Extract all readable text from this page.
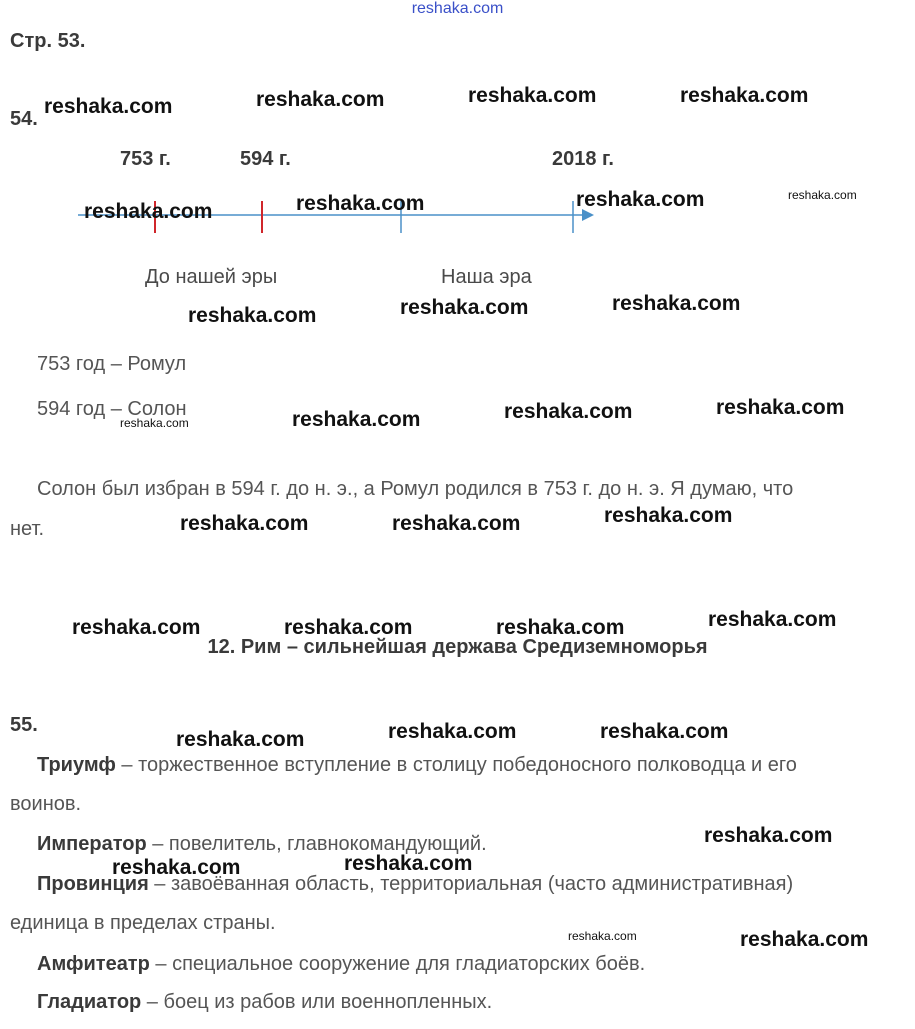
reshaka.com
Стр. 53.
54.
753 г.	594 г.	2018 г.
До нашей эры	Наша эра
753 год – Ромул
594 год – Солон
Солон был избран в 594 г. до н. э., а Ромул родился в 753 г. до н. э. Я думаю, что
нет.
12. Рим – сильнейшая держава Средиземноморья
55.
Триумф – торжественное вступление в столицу победоносного полководца и его
воинов.
Император – повелитель, главнокомандующий.
Провинция – завоёванная область, территориальная (часто административная)
единица в пределах страны.
Амфитеатр – специальное сооружение для гладиаторских боёв.
Гладиатор – боец из рабов или военнопленных.
reshaka.com	reshaka.com	reshaka.com	reshaka.com
reshaka.com	reshaka.com	reshaka.com	reshaka.com
reshaka.com	reshaka.com	reshaka.com
reshaka.com	reshaka.com	reshaka.com	reshaka.com
reshaka.com	reshaka.com	reshaka.com
reshaka.com	reshaka.com	reshaka.com	reshaka.com
reshaka.com	reshaka.com	reshaka.com
reshaka.com
reshaka.com	reshaka.com
reshaka.com	reshaka.com
